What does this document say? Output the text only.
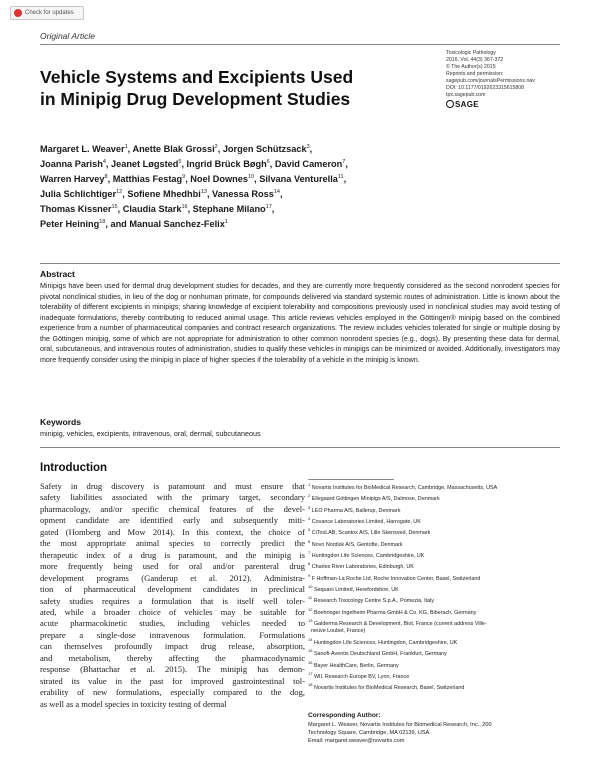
Check for updates
Original Article
Vehicle Systems and Excipients Used
in Minipig Drug Development Studies
Toxicologic Pathology
2016, Vol. 44(3) 367-372
© The Author(s) 2015
Reprints and permission:
sagepub.com/journalsPermissions.nav
DOI: 10.1177/0192623315615808
tpx.sagepub.com
SAGE
Margaret L. Weaver$^1$, Anette Blak Grossi$^2$, Jorgen Schützsack$^3$,
Joanna Parish$^4$, Jeanet Løgsted$^5$, Ingrid Brück Bøgh$^6$, David Cameron$^7$,
Warren Harvey$^8$, Matthias Festag$^9$, Noel Downes$^{10}$, Silvana Venturella$^{11}$,
Julia Schlichtiger$^{12}$, Sofiene Mhedhbi$^{13}$, Vanessa Ross$^{14}$,
Thomas Kissner$^{15}$, Claudia Stark$^{16}$, Stephane Milano$^{17}$,
Peter Heining$^{18}$, and Manual Sanchez-Felix$^1$
Abstract
Minipigs have been used for dermal drug development studies for decades, and they are currently more frequently considered as the second nonrodent species for pivotal nonclinical studies, in lieu of the dog or nonhuman primate, for compounds delivered via standard systemic routes of administration. Little is known about the tolerability of different excipients in minipigs; sharing knowledge of excipient tolerability and compositions previously used in nonclinical studies may avoid testing of inadequate formulations, thereby contributing to reduced animal usage. This article reviews vehicles employed in the Göttingen® minipig based on the combined experience from a number of pharmaceutical companies and contract research organizations. The review includes vehicles tolerated for single or multiple dosing by the Göttingen minipig, some of which are not appropriate for administration to other common nonrodent species (e.g., dogs). By presenting these data for dermal, oral, subcutaneous, and intravenous routes of administration, studies to qualify these vehicles in minipigs can be minimized or avoided. Additionally, investigators may more frequently consider using the minipig in place of higher species if the tolerability of a vehicle in the minipig is known.
Keywords
minipig, vehicles, excipients, intravenous, oral, dermal, subcutaneous
Introduction
Safety in drug discovery is paramount and must ensure that
safety liabilities associated with the primary target, secondary
pharmacology, and/or specific chemical features of the devel-
opment candidate are identified early and subsequently miti-
gated (Homberg and Mow 2014). In this context, the choice of
the most appropriate animal species to correctly predict the
therapeutic index of a drug is paramount, and the minipig is
more frequently being used for oral and/or parenteral drug
development programs (Ganderup et al. 2012). Administra-
tion of pharmaceutical development candidates in preclinical
safety studies requires a formulation that is itself well toler-
ated, while a broader choice of vehicles may be suitable for
acute pharmacokinetic studies, including vehicles needed to
prepare a single-dose intravenous formulation. Formulations
can themselves profoundly impact drug release, absorption,
and metabolism, thereby affecting the pharmacodynamic
response (Bhattachar et al. 2015). The minipig has demon-
strated its value in the past for improved gastrointestinal tol-
erability of new formulations, especially compared to the dog,
as well as a model species in toxicity testing of dermal
$^1$ Novartis Institutes for BioMedical Research, Cambridge, Massachusetts, USA
$^2$ Ellegaard Göttingen Minipigs A/S, Dalmose, Denmark
$^3$ LEO Pharma A/S, Ballerup, Denmark
$^4$ Covance Laboratories Limited, Harrogate, UK
$^5$ CiToxLAB, Scantox A/S, Lille Skensved, Denmark
$^6$ Novo Nordisk A/S, Gentofte, Denmark
$^7$ Huntingdon Life Sciences, Cambridgeshire, UK
$^8$ Charles River Laboratories, Edinburgh, UK
$^9$ F Hoffman-La Roche Ltd, Roche Innovation Center, Basel, Switzerland
$^{10}$ Sequani Limited, Herefordshire, UK
$^{11}$ Research Toxicology Centre S.p.A., Pomezia, Italy
$^{12}$ Boehringer Ingelheim Pharma GmbH & Co. KG, Biberach, Germany
$^{13}$ Galderma Research & Development, Biot, France (current address Ville-
neuve Loubet, France)
$^{14}$ Huntingdon Life Sciences, Huntingdon, Cambridgeshire, UK
$^{15}$ Sanofi-Aventis Deutschland GmbH, Frankfurt, Germany
$^{16}$ Bayer HealthCare, Berlin, Germany
$^{17}$ WIL Research Europe BV, Lyon, France
$^{18}$ Novartis Institutes for BioMedical Research, Basel, Switzerland
Corresponding Author:
Margaret L. Weaver, Novartis Institutes for Biomedical Research, Inc., 200
Technology Square, Cambridge, MA 02139, USA.
Email: margaret.weaver@novartis.com
